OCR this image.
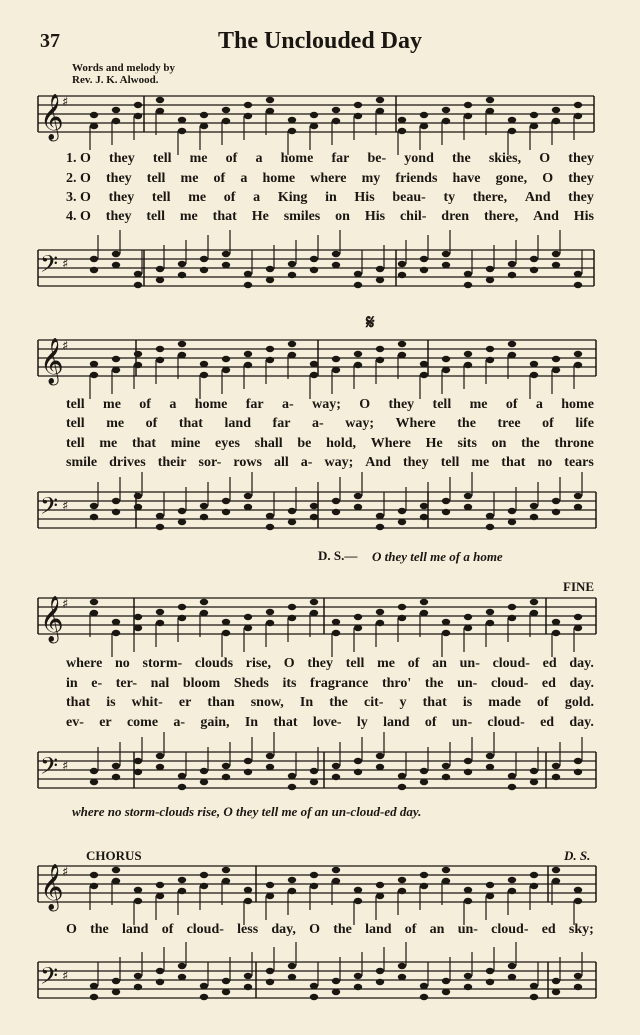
37	The Unclouded Day
Words and melody by
Rev. J. K. Alwood.
𝄞
♯
𝄢 ♯
𝄞
♯
𝄢 ♯
𝄞
♯
𝄢 ♯
𝄞
♯
𝄢 ♯
1. O they tell me of a home far be- yond the skies, O they
2. O they tell me of a home where my friends have gone, O they
3. O they tell me of a King in His beau- ty there, And they
4. O they tell me that He smiles on His chil- dren there, And His
𝄋
tell me of a home far a- way; O they tell me of a home
tell me of that land far a- way; Where the tree of life
tell me that mine eyes shall be hold, Where He sits on the throne
smile drives their sor- rows all a- way; And they tell me that no tears
D. S.— O they tell me of a home
FINE
where no storm- clouds rise, O they tell me of an un- cloud- ed day.
in e- ter- nal bloom Sheds its fragrance thro' the un- cloud- ed day.
that is whit- er than snow, In the cit- y that is made of gold.
ev- er come a- gain, In that love- ly land of un- cloud- ed day.
where no storm-clouds rise, O they tell me of an un-cloud-ed day.
CHORUS	D. S.
O the land of cloud- less day, O the land of an un- cloud- ed sky;
